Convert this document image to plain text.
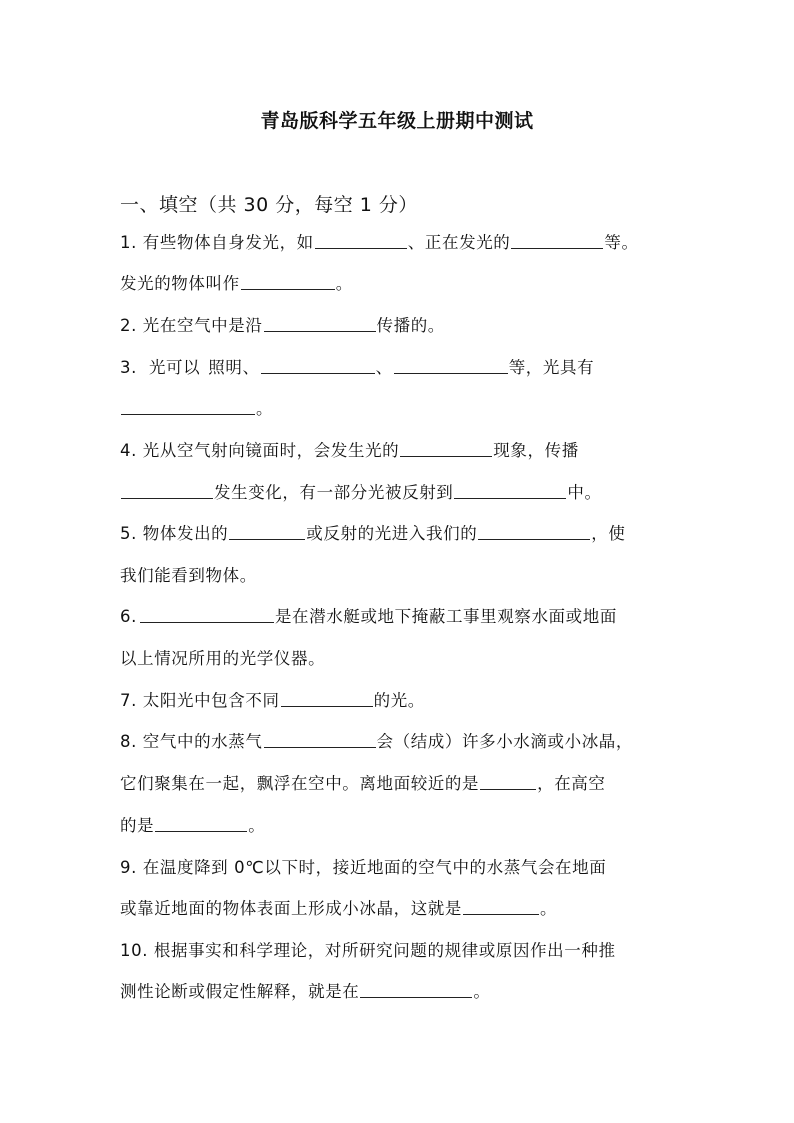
青岛版科学五年级上册期中测试
一、填空（共 30 分，每空 1 分）
1. 有些物体自身发光，如	、正在发光的	等。
发光的物体叫作	。
2. 光在空气中是沿	传播的。
3. 光可以 照明、	、	等，光具有
。
4. 光从空气射向镜面时，会发生光的	现象，传播
发生变化，有一部分光被反射到	中。
5. 物体发出的	或反射的光进入我们的	，使
我们能看到物体。
6.	是在潜水艇或地下掩蔽工事里观察水面或地面
以上情况所用的光学仪器。
7. 太阳光中包含不同	的光。
8. 空气中的水蒸气	会（结成）许多小水滴或小冰晶，
它们聚集在一起，飘浮在空中。离地面较近的是	，在高空
的是	。
9. 在温度降到 0℃以下时，接近地面的空气中的水蒸气会在地面
或靠近地面的物体表面上形成小冰晶，这就是	。
10. 根据事实和科学理论，对所研究问题的规律或原因作出一种推
测性论断或假定性解释，就是在	。
